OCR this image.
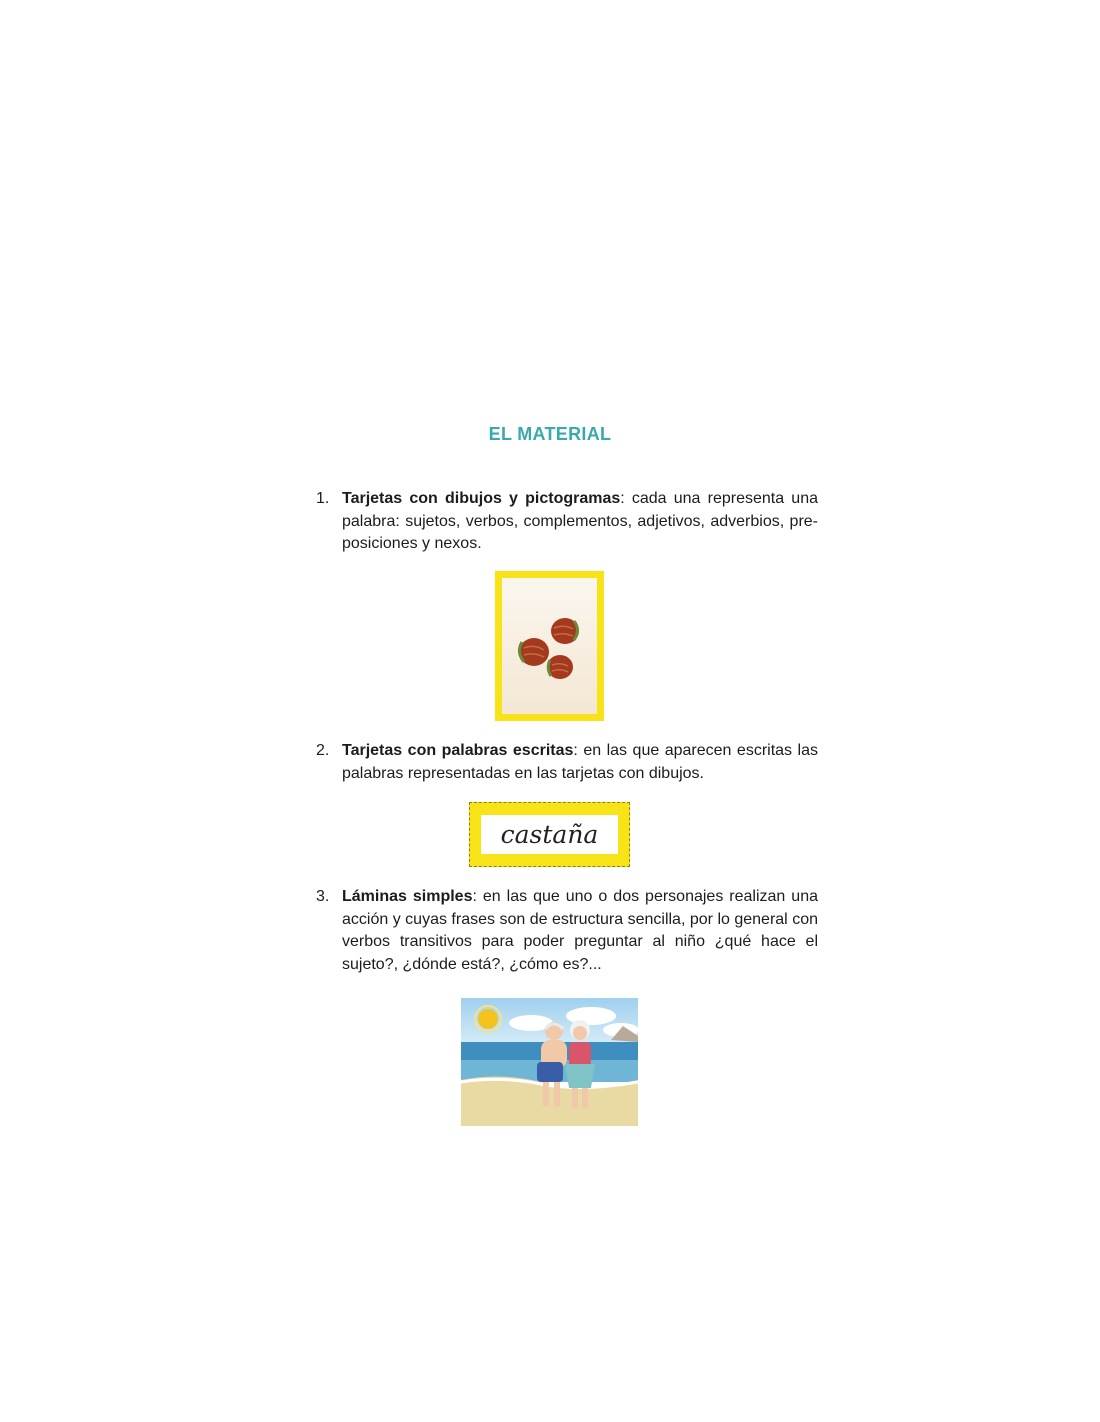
EL MATERIAL
1. Tarjetas con dibujos y pictogramas: cada una representa una palabra: sujetos, verbos, complementos, adjetivos, adverbios, pre-posiciones y nexos.
2. Tarjetas con palabras escritas: en las que aparecen escritas las palabras representadas en las tarjetas con dibujos.
castaña
3. Láminas simples: en las que uno o dos personajes realizan una acción y cuyas frases son de estructura sencilla, por lo general con verbos transitivos para poder preguntar al niño ¿qué hace el sujeto?, ¿dónde está?, ¿cómo es?...
